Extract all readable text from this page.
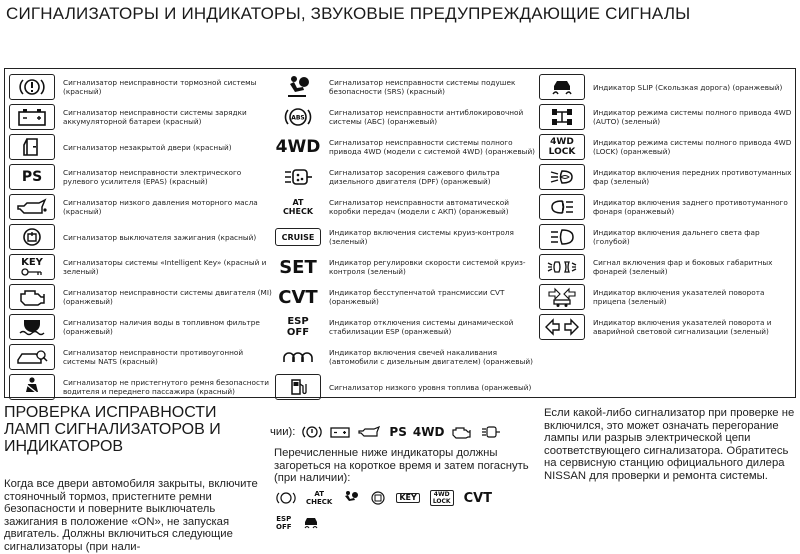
СИГНАЛИЗАТОРЫ И ИНДИКАТОРЫ, ЗВУКОВЫЕ ПРЕДУПРЕЖДАЮЩИЕ СИГНАЛЫ
Сигнализатор неисправности тормозной системы (красный)
Сигнализатор неисправности системы зарядки аккумуляторной батареи (красный)
Сигнализатор незакрытой двери (красный)
PS	Сигнализатор неисправности электрического рулевого усилителя (EPAS) (красный)
Сигнализатор низкого давления моторного масла (красный)
Сигнализатор выключателя зажигания (красный)
KEY	Сигнализаторы системы «Intelligent Key» (красный и зеленый)
Сигнализатор неисправности системы двигателя (MI) (оранжевый)
Сигнализатор наличия воды в топливном фильтре (оранжевый)
Сигнализатор неисправности противоугонной системы NATS (красный)
Сигнализатор не пристегнутого ремня безопасности водителя и переднего пассажира (красный)
Сигнализатор неисправности системы подушек безопасности (SRS) (красный)
ABS
Сигнализатор неисправности антиблокировочной системы (АБС) (оранжевый)
4WD Сигнализатор неисправности системы полного привода 4WD (модели с системой 4WD) (оранжевый)
Сигнализатор засорения сажевого фильтра дизельного двигателя (DPF) (оранжевый)
AT
CHECK
Сигнализатор неисправности автоматической коробки передач (модели с АКП) (оранжевый)
CRUISE	Индикатор включения системы круиз-контроля (зеленый)
SET	Индикатор регулировки скорости системой круиз-контроля (зеленый)
CVT	Индикатор бесступенчатой трансмиссии CVT (оранжевый)
ESP
OFF
Индикатор отключения системы динамической стабилизации ESP (оранжевый)
Индикатор включения свечей накаливания (автомобили с дизельным двигателем) (оранжевый)
Сигнализатор низкого уровня топлива (оранжевый)
Индикатор SLIP (Скользкая дорога) (оранжевый)
Индикатор режима системы полного привода 4WD (AUTO) (зеленый)
4WD
LOCK
Индикатор режима системы полного привода 4WD (LOCK) (оранжевый)
Индикатор включения передних противотуманных фар (зеленый)
Индикатор включения заднего противотуманного фонаря (оранжевый)
Индикатор включения дальнего света фар (голубой)
Сигнал включения фар и боковых габаритных фонарей (зеленый)
Индикатор включения указателей поворота прицепа (зеленый)
Индикатор включения указателей поворота и аварийной световой сигнализации (зеленый)
ПРОВЕРКА ИСПРАВНОСТИ ЛАМП СИГНАЛИЗАТОРОВ И ИНДИКАТОРОВ
Когда все двери автомобиля закрыты, включите стояночный тормоз, пристегните ремни безопасности и поверните выключатель зажигания в положение «ON», не запуская двигатель. Должны включиться следующие сигнализаторы (при нали-
чии):	PS 4WD
Перечисленные ниже индикаторы должны загореться на короткое время и затем погаснуть (при наличии):
AT
CHECK	KEY	4WD
LOCK CVT
ESP
OFF
Если какой-либо сигнализатор при проверке не включился, это может означать перегорание лампы или разрыв электрической цепи соответствующего сигнализатора. Обратитесь на сервисную станцию официального дилера NISSAN для проверки и ремонта системы.
